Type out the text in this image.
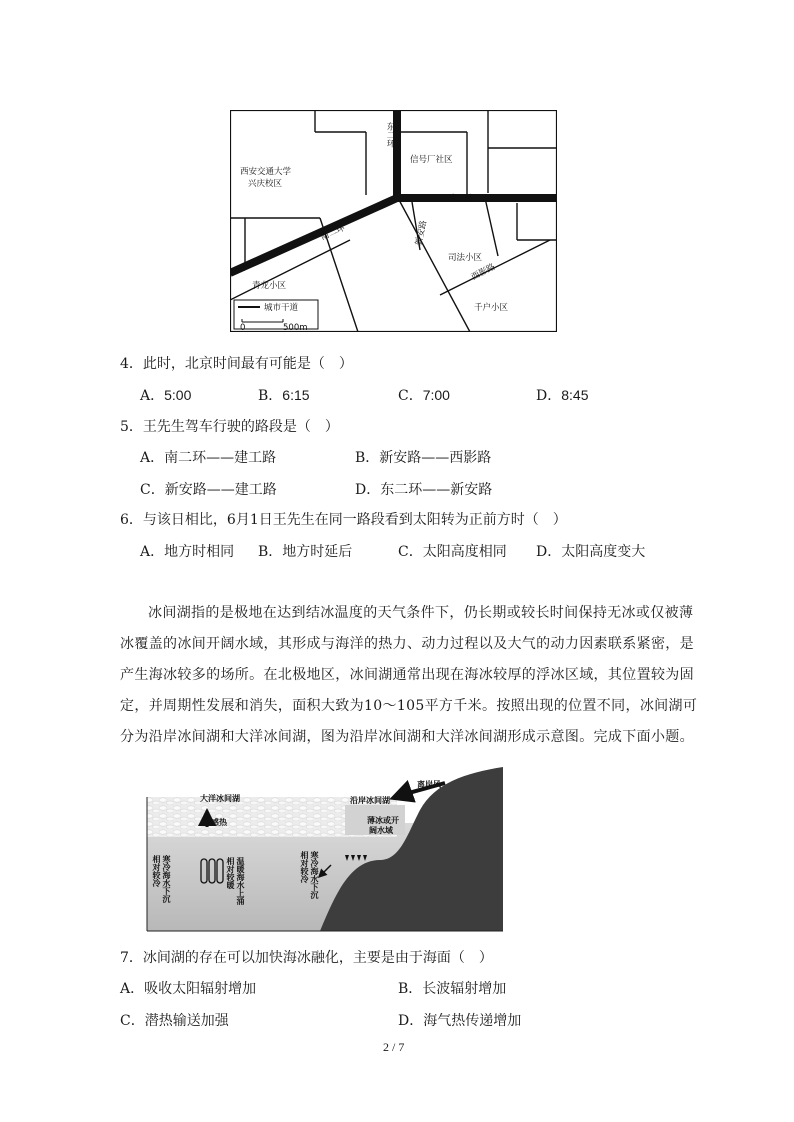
西安交通大学
兴庆校区
信号厂社区
司法小区
青龙小区
千户小区
东二环
建工路
南二环	新安路
西影路
城市干道
0	500m
4．此时，北京时间最有可能是（　）
A．5:00	B．6:15	C．7:00	D．8:45
5．王先生驾车行驶的路段是（　）
A．南二环——建工路	B．新安路——西影路
C．新安路——建工路	D．东二环——新安路
6．与该日相比，6月1日王先生在同一路段看到太阳转为正前方时（　）
A．地方时相同 B．地方时延后	C．太阳高度相同 D．太阳高度变大
冰间湖指的是极地在达到结冰温度的天气条件下，仍长期或较长时间保持无冰或仅被薄
冰覆盖的冰间开阔水域，其形成与海洋的热力、动力过程以及大气的动力因素联系紧密，是
产生海冰较多的场所。在北极地区，冰间湖通常出现在海冰较厚的浮冰区域，其位置较为固
定，并周期性发展和消失，面积大致为10～105平方千米。按照出现的位置不同，冰间湖可
分为沿岸冰间湖和大洋冰间湖，图为沿岸冰间湖和大洋冰间湖形成示意图。完成下面小题。
大洋冰间湖	沿岸冰间湖
离岸风
感热	薄冰或开
阔水域
寒冷海水下沉
相对较冷	温暖海水上涌
相对较暖	寒冷海水下沉
相对较冷
7．冰间湖的存在可以加快海冰融化，主要是由于海面（　）
A．吸收太阳辐射增加	B．长波辐射增加
C．潜热输送加强	D．海气热传递增加
2 / 7
